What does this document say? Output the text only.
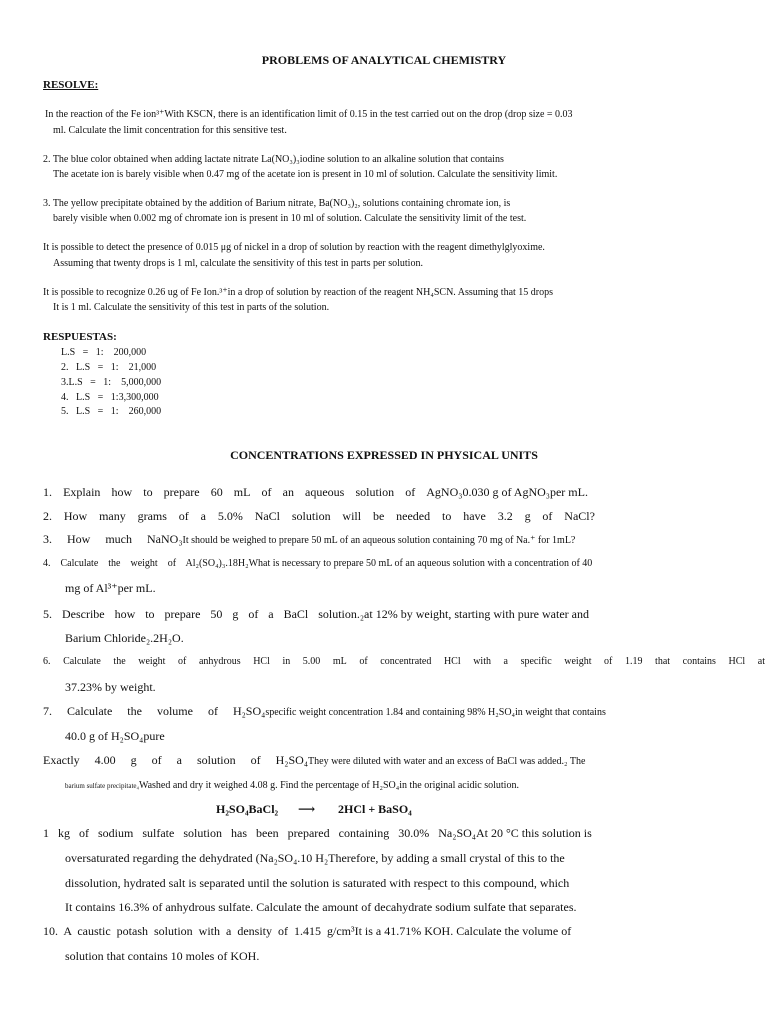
PROBLEMS OF ANALYTICAL CHEMISTRY
RESOLVE:
In the reaction of the Fe ion³⁺With KSCN, there is an identification limit of 0.15 in the test carried out on the drop (drop size = 0.03
ml. Calculate the limit concentration for this sensitive test.
2. The blue color obtained when adding lactate nitrate La(NO₃)₃iodine solution to an alkaline solution that contains
The acetate ion is barely visible when 0.47 mg of the acetate ion is present in 10 ml of solution. Calculate the sensitivity limit.
3. The yellow precipitate obtained by the addition of Barium nitrate, Ba(NO₃)₂, solutions containing chromate ion, is
barely visible when 0.002 mg of chromate ion is present in 10 ml of solution. Calculate the sensitivity limit of the test.
It is possible to detect the presence of 0.015 μg of nickel in a drop of solution by reaction with the reagent dimethylglyoxime.
Assuming that twenty drops is 1 ml, calculate the sensitivity of this test in parts per solution.
It is possible to recognize 0.26 ug of Fe Ion.³⁺in a drop of solution by reaction of the reagent NH₄SCN. Assuming that 15 drops
It is 1 ml. Calculate the sensitivity of this test in parts of the solution.
RESPUESTAS:
L.S   =   1:    200,000
2.   L.S   =   1:    21,000
3.L.S   =   1:    5,000,000
4.   L.S   =   1:3,300,000
5.   L.S   =   1:    260,000
CONCENTRATIONS EXPRESSED IN PHYSICAL UNITS
1. Explain how to prepare 60 mL of an aqueous solution of AgNO₃0.030 g of AgNO₃per mL.
2. How many grams of a 5.0% NaCl solution will be needed to have 3.2 g of NaCl?
3.     How     much     NaNO₃It should be weighed to prepare 50 mL of an aqueous solution containing 70 mg of Na.⁺ for 1mL?
4.    Calculate    the    weight    of    Al₂(SO₄)₃.18H₂What is necessary to prepare 50 mL of an aqueous solution with a concentration of 40
mg of Al³⁺per mL.
5. Describe how to prepare 50 g of a BaCl solution.₂at 12% by weight, starting with pure water and
Barium Chloride₂.2H₂O.
6. Calculate the weight of anhydrous HCl in 5.00 mL of concentrated HCl with a specific weight of 1.19 that contains HCl at
37.23% by weight.
7.     Calculate     the     volume     of     H₂SO₄specific weight concentration 1.84 and containing 98% H₂SO₄in weight that contains
40.0 g of H₂SO₄pure
Exactly     4.00     g     of     a     solution     of     H₂SO₄They were diluted with water and an excess of BaCl was added.₂ The
barium sulfate precipitate₄Washed and dry it weighed 4.08 g. Find the percentage of H₂SO₄in the original acidic solution.
H₂SO₄BaCl₂ ⟶ 2HCl + BaSO₄
1   kg   of   sodium   sulfate   solution   has   been   prepared   containing   30.0%   Na₂SO₄At 20 °C this solution is
oversaturated regarding the dehydrated (Na₂SO₄.10 H₂Therefore, by adding a small crystal of this to the
dissolution, hydrated salt is separated until the solution is saturated with respect to this compound, which
It contains 16.3% of anhydrous sulfate. Calculate the amount of decahydrate sodium sulfate that separates.
10.  A  caustic  potash  solution  with  a  density  of  1.415  g/cm³It is a 41.71% KOH. Calculate the volume of
solution that contains 10 moles of KOH.
